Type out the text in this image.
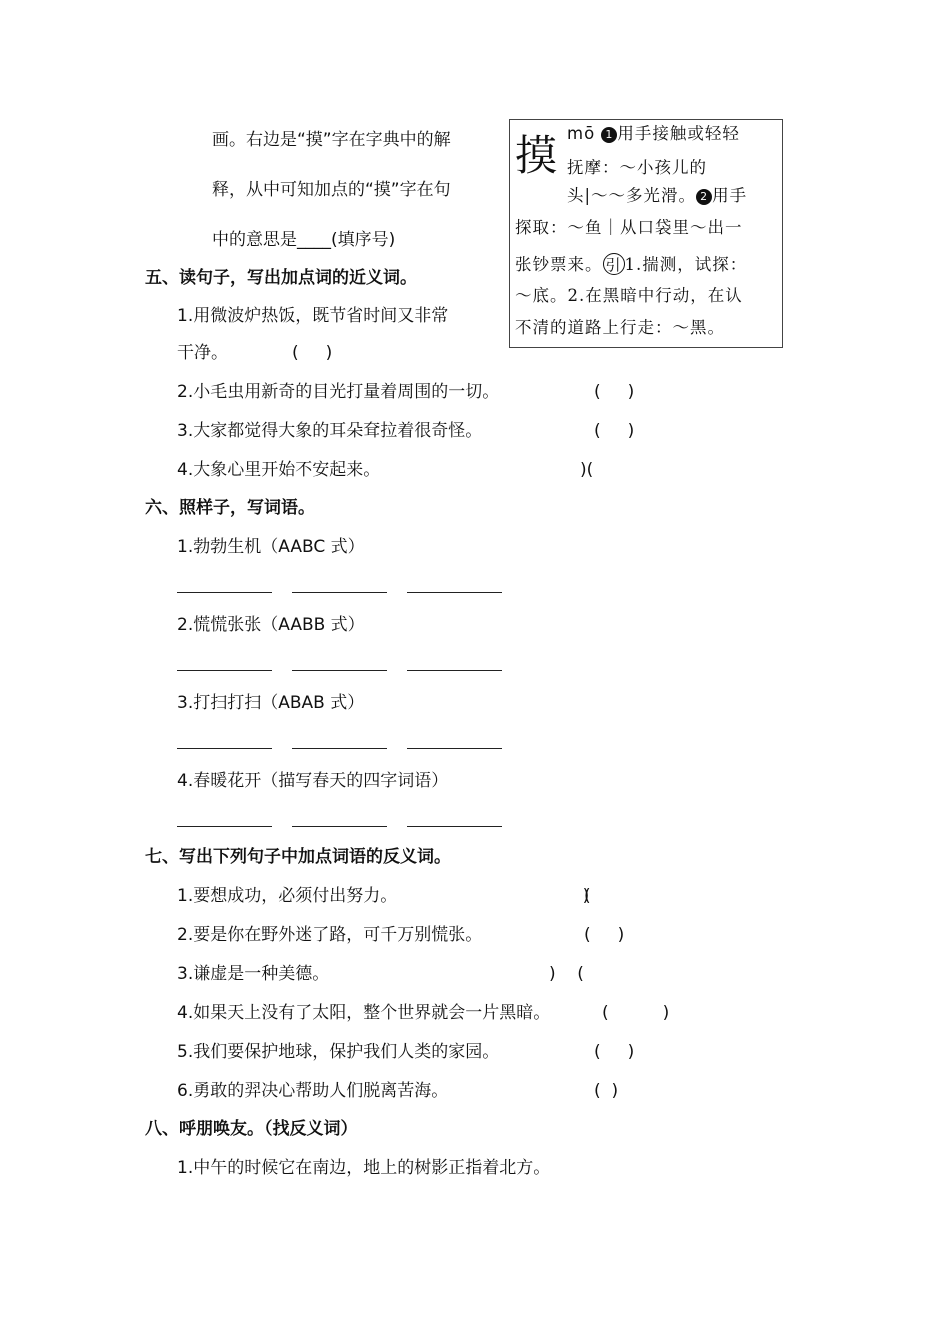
画。右边是“摸”字在字典中的解
释，从中可知加点的“摸”字在句
中的意思是____(填序号)
摸 mō 1 用手接触或轻轻
抚摩：～小孩儿的
头|～～多光滑。 2 用手
探取：～鱼｜从口袋里～出一
张钞票来。 引 1.揣测，试探：
～底。2.在黑暗中行动，在认
不清的道路上行走：～黑。
五、读句子，写出加点词的近义词。
1.用微波炉热饭，既节省时间又非常
干净。	(     )
2.小毛虫用新奇的目光打量着周围的一切。	(     )
3.大家都觉得大象的耳朵耷拉着很奇怪。	(     )
4.大象心里开始不安起来。	)(
六、照样子，写词语。
1.勃勃生机（AABC 式）
2.慌慌张张（AABB 式）
3.打扫打扫（ABAB 式）
4.春暖花开（描写春天的四字词语）
七、写出下列句子中加点词语的反义词。
1.要想成功，必须付出努力。
2.要是你在野外迷了路，可千万别慌张。	(     )
3.谦虚是一种美德。	)    (
4.如果天上没有了太阳，整个世界就会一片黑暗。	(          )
5.我们要保护地球，保护我们人类的家园。	(     )
6.勇敢的羿决心帮助人们脱离苦海。	(  )
八、呼朋唤友。（找反义词）
1.中午的时候它在南边，地上的树影正指着北方。
